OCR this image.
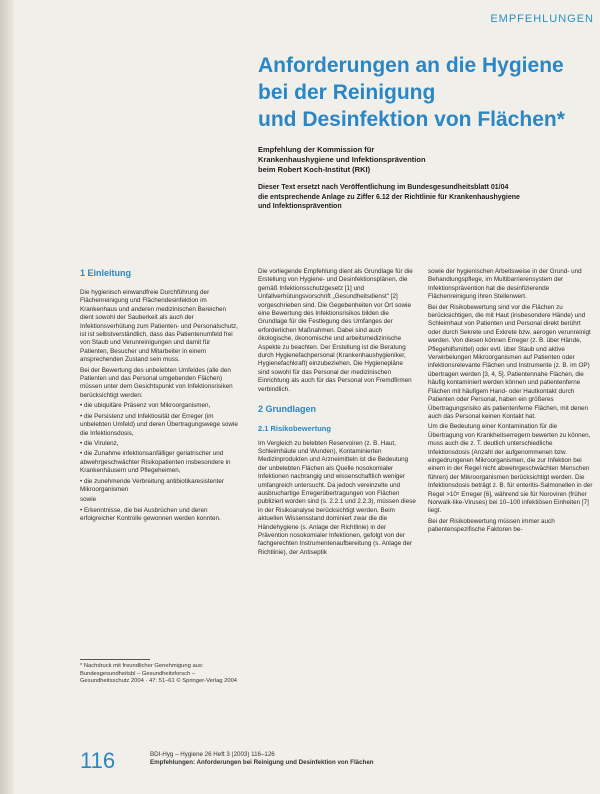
EMPFEHLUNGEN
Anforderungen an die Hygiene
bei der Reinigung
und Desinfektion von Flächen*
Empfehlung der Kommission für
Krankenhaushygiene und Infektionsprävention
beim Robert Koch-Institut (RKI)
Dieser Text ersetzt nach Veröffentlichung im Bundesgesundheitsblatt 01/04
die entsprechende Anlage zu Ziffer 6.12 der Richtlinie für Krankenhaushygiene
und Infektionsprävention
1 Einleitung

Die hygienisch einwandfreie Durchführung der Flächenreinigung und Flächendesinfektion im Krankenhaus und anderen medizinischen Bereichen dient sowohl der Sauberkeit als auch der Infektionsverhütung zum Patienten- und Personalschutz, ist ist selbstverständlich, dass das Patientenumfeld frei von Staub und Verunreinigungen und damit für Patienten, Besucher und Mitarbeiter in einem ansprechenden Zustand sein muss.

Bei der Bewertung des unbelebten Umfeldes (alle den Patienten und das Personal umgebenden Flächen) müssen unter dem Gesichtspunkt von Infektionsrisiken berücksichtigt werden:

• die ubiquitäre Präsenz von Mikroorganismen,

• die Persistenz und Infektiosität der Erreger (im unbelebten Umfeld) und deren Übertragungswege sowie die Infektionsdosis,

• die Virulenz,

• die Zunahme infektionsanfälliger geriatrischer und abwehrgeschwächter Risikopatienten insbesondere in Krankenhäusern und Pflegeheimen,

• die zunehmende Verbreitung antibiotikaresistenter Mikroorganismen

sowie

• Erkenntnisse, die bei Ausbrüchen und deren erfolgreicher Kontrolle gewonnen werden konnten.

* Nachdruck mit freundlicher Genehmigung aus: Bundesgesundheitsbl – Gesundheitsforsch – Gesundheitsschutz 2004 · 47: 51–61 © Springer-Verlag 2004

Die vorliegende Empfehlung dient als Grundlage für die Erstellung von Hygiene- und Desinfektionsplänen, die gemäß Infektionsschutzgesetz [1] und Unfallverhütungsvorschrift „Gesundheitsdienst" [2] vorgeschrieben sind. Die Gegebenheiten vor Ort sowie eine Bewertung des Infektionsrisikos bilden die Grundlage für die Festlegung des Umfanges der erforderlichen Maßnahmen. Dabei sind auch ökologische, ökonomische und arbeitsmedizinische Aspekte zu beachten. Der Erstellung ist die Beratung durch Hygienefachpersonal (Krankenhaushygieniker, Hygienefachkraft) einzubeziehen. Die Hygienepläne sind sowohl für das Personal der medizinischen Einrichtung als auch für das Personal von Fremdfirmen verbindlich.

2 Grundlagen
2.1 Risikobewertung

Im Vergleich zu belebten Reservoiren (z. B. Haut, Schleimhäute und Wunden), Kontaminierten Medizinprodukten und Arzneimitteln ist die Bedeutung der unbelebten Flächen als Quelle nosokomialer Infektionen nachrangig und wissenschaftlich weniger umfangreich untersucht. Da jedoch vereinzelte und ausbruchartige Erregerübertragungen von Flächen publiziert worden sind (s. 2.2.1 und 2.2.3), müssen diese in der Risikoanalyse berücksichtigt werden. Beim aktuellen Wissensstand dominiert zwar die die Händehygiene (s. Anlage der Richtlinie) in der Prävention nosokomialer Infektionen, gefolgt von der fachgerechten Instrumentenaufbereitung (s. Anlage der Richtlinie), der Antiseptik

sowie der hygienischen Arbeitsweise in der Grund- und Behandlungspflege, im Multibarrierensystem der Infektionsprävention hat die desinfizierende Flächenreinigung ihren Stellenwert.

Bei der Risikobewertung sind vor die Flächen zu berücksichtigen, die mit Haut (insbesondere Hände) und Schleimhaut von Patienten und Personal direkt berührt oder durch Sekrete und Exkrete bzw. aerogen verunreinigt werden. Von diesen können Erreger (z. B. über Hände, Pflegehilfsmittel) oder evtl. über Staub und aktive Verwirbelungen Mikroorganismen auf Patienten oder infektionsrelevante Flächen und Instrumente (z. B. im OP) übertragen werden [3, 4, 5]. Patientennahe Flächen, die häufig kontaminiert werden können und patientenferne Flächen mit häufigem Hand- oder Hautkontakt durch Patienten oder Personal, haben ein größeres Übertragungsrisiko als patientenferne Flächen, mit denen auch das Personal keinen Kontakt hat.

Um die Bedeutung einer Kontamination für die Übertragung von Krankheitserregern bewerten zu können, muss auch die z. T. deutlich unterschiedliche Infektionsdosis (Anzahl der aufgenommenen bzw. eingedrungenen Mikroorganismen, die zur Infektion bei einem in der Regel nicht abwehrgeschwächten Menschen führen) der Mikroorganismen berücksichtigt werden. Die Infektionsdosis beträgt z. B. für enteritis-Salmonellen in der Regel >10⁵ Erreger [6], während sie für Noroviren (früher Norwalk-like-Viruses) bei 10–100 infektiösen Einheiten [7] liegt.

Bei der Risikobewertung müssen immer auch patientenspezifische Faktoren be-

116	BDI-Hyg – Hygiene 26 Heft 3 (2003) 116–126
Empfehlungen: Anforderungen bei Reinigung und Desinfektion von Flächen
